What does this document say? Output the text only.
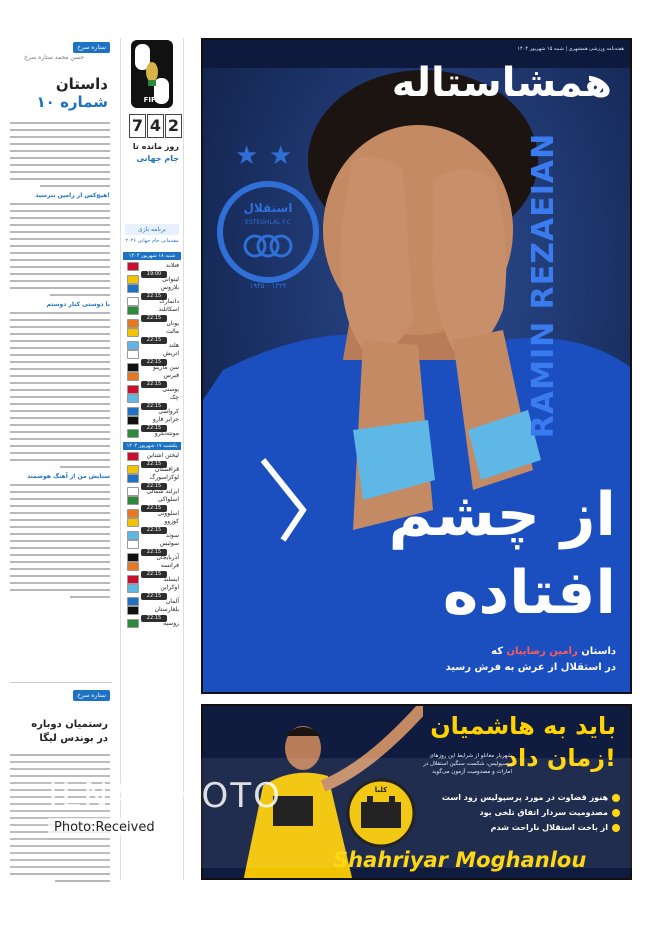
ستاره سرخ
حسن محمد ستاره سرخ
داستان
شماره ۱۰
هیچ‌کس از رامین نترسید!
با دوستی کنار دوستم
ستایش من از آهنگ هوشمند
ستاره سرخ
رستمیان دوباره
در بوندس لیگا
FIFA
2
4
7
روز مانده تا
جام جهانی
برنامه بازی
مقدماتی جام جهانی ۲۰۲۶
شنبه ۱۸ شهریور ۱۴۰۴
فنلاند
19:00
لیتوانی
بلاروس
22:15
دانمارک
اسکاتلند
22:15
یونان
مالت
22:15
هلند
اتریش
22:15
سن مارینو
قبرس
22:15
بوسنی
چک
22:15
کرواسی
جزایر فارو
22:15
مونته‌نگرو
یکشنبه ۱۷ شهریور ۱۴۰۴
لیختن اشتاین
22:15
قزاقستان
لوکزامبورگ
22:15
ایرلند شمالی
اسلواکی
22:15
اسلوونی
کوزوو
22:15
سوئد
سوئیس
22:15
آذربایجان
فرانسه
22:15
ایسلند
اوکراین
22:15
آلمان
بلغارستان
22:15
روسیه
هفته‌نامه ورزشی همشهری | شنبه ۱۵ شهریور ۱۴۰۴
همشاستاله
★ ★
استقلال
ESTEGHLAL F.C
۱۹۴۵ - ۱۳۲۴	RAMIN REZAEIAN
از چشم
افتاده
داستان رامین رضاییان که
در استقلال از عرش به فرش رسید
کلبا
باید به هاشمیان
زمان داد!
شهریار مغانلو از شرایط این روزهای پرسپولیس، شکست سنگین استقلال در امارات و مصدومیت آزمون می‌گوید
هنوز قضاوت در مورد پرسپولیس زود است
مصدومیت سردار اتفاق تلخی بود
از باخت استقلال ناراحت شدم
Shahriyar Moghanlou
ILNA PHOTO
Photo:Received
